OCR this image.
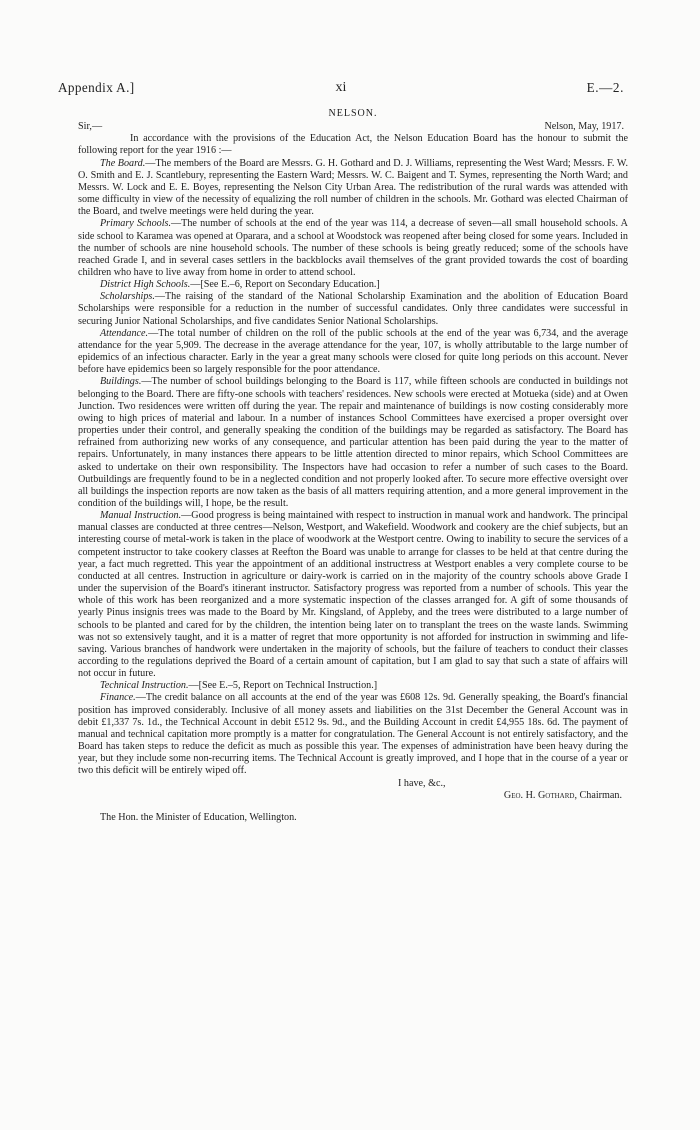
Appendix A.]	xi	E.—2.
NELSON.
Sir,—	Nelson, May, 1917.

In accordance with the provisions of the Education Act, the Nelson Education Board has the honour to submit the following report for the year 1916 :—

The Board.—The members of the Board are Messrs. G. H. Gothard and D. J. Williams, representing the West Ward; Messrs. F. W. O. Smith and E. J. Scantlebury, representing the Eastern Ward; Messrs. W. C. Baigent and T. Symes, representing the North Ward; and Messrs. W. Lock and E. E. Boyes, representing the Nelson City Urban Area. The redistribution of the rural wards was attended with some difficulty in view of the necessity of equalizing the roll number of children in the schools. Mr. Gothard was elected Chairman of the Board, and twelve meetings were held during the year.

Primary Schools.—The number of schools at the end of the year was 114, a decrease of seven—all small household schools. A side school to Karamea was opened at Oparara, and a school at Woodstock was reopened after being closed for some years. Included in the number of schools are nine household schools. The number of these schools is being greatly reduced; some of the schools have reached Grade I, and in several cases settlers in the backblocks avail themselves of the grant provided towards the cost of boarding children who have to live away from home in order to attend school.

District High Schools.—[See E.–6, Report on Secondary Education.]

Scholarships.—The raising of the standard of the National Scholarship Examination and the abolition of Education Board Scholarships were responsible for a reduction in the number of successful candidates. Only three candidates were successful in securing Junior National Scholarships, and five candidates Senior National Scholarships.

Attendance.—The total number of children on the roll of the public schools at the end of the year was 6,734, and the average attendance for the year 5,909. The decrease in the average attendance for the year, 107, is wholly attributable to the large number of epidemics of an infectious character. Early in the year a great many schools were closed for quite long periods on this account. Never before have epidemics been so largely responsible for the poor attendance.

Buildings.—The number of school buildings belonging to the Board is 117, while fifteen schools are conducted in buildings not belonging to the Board. There are fifty-one schools with teachers' residences. New schools were erected at Motueka (side) and at Owen Junction. Two residences were written off during the year. The repair and maintenance of buildings is now costing considerably more owing to high prices of material and labour. In a number of instances School Committees have exercised a proper oversight over properties under their control, and generally speaking the condition of the buildings may be regarded as satisfactory. The Board has refrained from authorizing new works of any consequence, and particular attention has been paid during the year to the matter of repairs. Unfortunately, in many instances there appears to be little attention directed to minor repairs, which School Committees are asked to undertake on their own responsibility. The Inspectors have had occasion to refer a number of such cases to the Board. Outbuildings are frequently found to be in a neglected condition and not properly looked after. To secure more effective oversight over all buildings the inspection reports are now taken as the basis of all matters requiring attention, and a more general improvement in the condition of the buildings will, I hope, be the result.

Manual Instruction.—Good progress is being maintained with respect to instruction in manual work and handwork. The principal manual classes are conducted at three centres—Nelson, Westport, and Wakefield. Woodwork and cookery are the chief subjects, but an interesting course of metal-work is taken in the place of woodwork at the Westport centre. Owing to inability to secure the services of a competent instructor to take cookery classes at Reefton the Board was unable to arrange for classes to be held at that centre during the year, a fact much regretted. This year the appointment of an additional instructress at Westport enables a very complete course to be conducted at all centres. Instruction in agriculture or dairy-work is carried on in the majority of the country schools above Grade I under the supervision of the Board's itinerant instructor. Satisfactory progress was reported from a number of schools. This year the whole of this work has been reorganized and a more systematic inspection of the classes arranged for. A gift of some thousands of yearly Pinus insignis trees was made to the Board by Mr. Kingsland, of Appleby, and the trees were distributed to a large number of schools to be planted and cared for by the children, the intention being later on to transplant the trees on the waste lands. Swimming was not so extensively taught, and it is a matter of regret that more opportunity is not afforded for instruction in swimming and life-saving. Various branches of handwork were undertaken in the majority of schools, but the failure of teachers to conduct their classes according to the regulations deprived the Board of a certain amount of capitation, but I am glad to say that such a state of affairs will not occur in future.

Technical Instruction.—[See E.–5, Report on Technical Instruction.]

Finance.—The credit balance on all accounts at the end of the year was £608 12s. 9d. Generally speaking, the Board's financial position has improved considerably. Inclusive of all money assets and liabilities on the 31st December the General Account was in debit £1,337 7s. 1d., the Technical Account in debit £512 9s. 9d., and the Building Account in credit £4,955 18s. 6d. The payment of manual and technical capitation more promptly is a matter for congratulation. The General Account is not entirely satisfactory, and the Board has taken steps to reduce the deficit as much as possible this year. The expenses of administration have been heavy during the year, but they include some non-recurring items. The Technical Account is greatly improved, and I hope that in the course of a year or two this deficit will be entirely wiped off.

I have, &c.,
Geo. H. Gothard, Chairman.
The Hon. the Minister of Education, Wellington.
